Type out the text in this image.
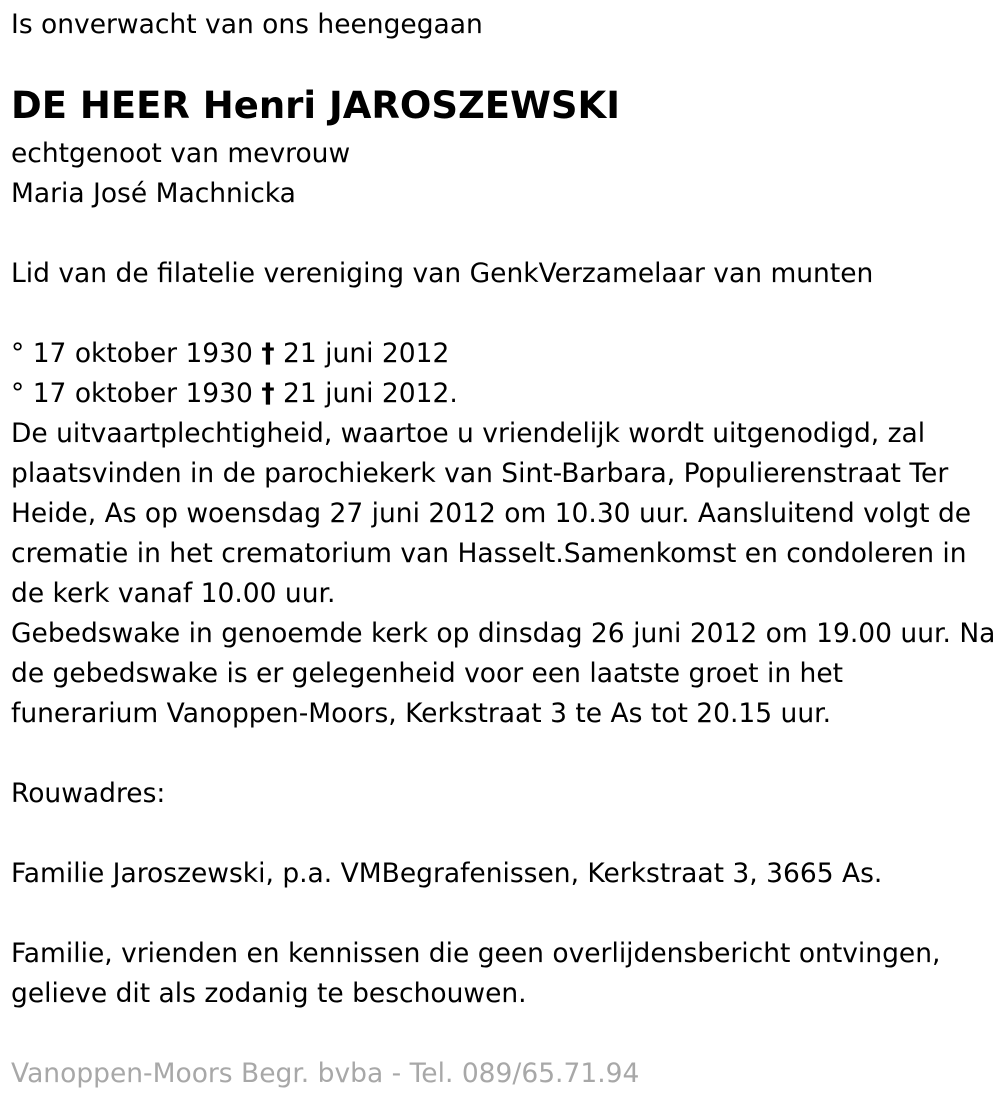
Is onverwacht van ons heengegaan
DE HEER Henri JAROSZEWSKI
echtgenoot van mevrouw
Maria José Machnicka
Lid van de filatelie vereniging van GenkVerzamelaar van munten
° 17 oktober 1930 † 21 juni 2012
° 17 oktober 1930 † 21 juni 2012.
De uitvaartplechtigheid, waartoe u vriendelijk wordt uitgenodigd, zal
plaatsvinden in de parochiekerk van Sint-Barbara, Populierenstraat Ter
Heide, As op woensdag 27 juni 2012 om 10.30 uur. Aansluitend volgt de
crematie in het crematorium van Hasselt.Samenkomst en condoleren in
de kerk vanaf 10.00 uur.
Gebedswake in genoemde kerk op dinsdag 26 juni 2012 om 19.00 uur. Na
de gebedswake is er gelegenheid voor een laatste groet in het
funerarium Vanoppen-Moors, Kerkstraat 3 te As tot 20.15 uur.
Rouwadres:
Familie Jaroszewski, p.a. VMBegrafenissen, Kerkstraat 3, 3665 As.
Familie, vrienden en kennissen die geen overlijdensbericht ontvingen,
gelieve dit als zodanig te beschouwen.
Vanoppen-Moors Begr. bvba - Tel. 089/65.71.94
